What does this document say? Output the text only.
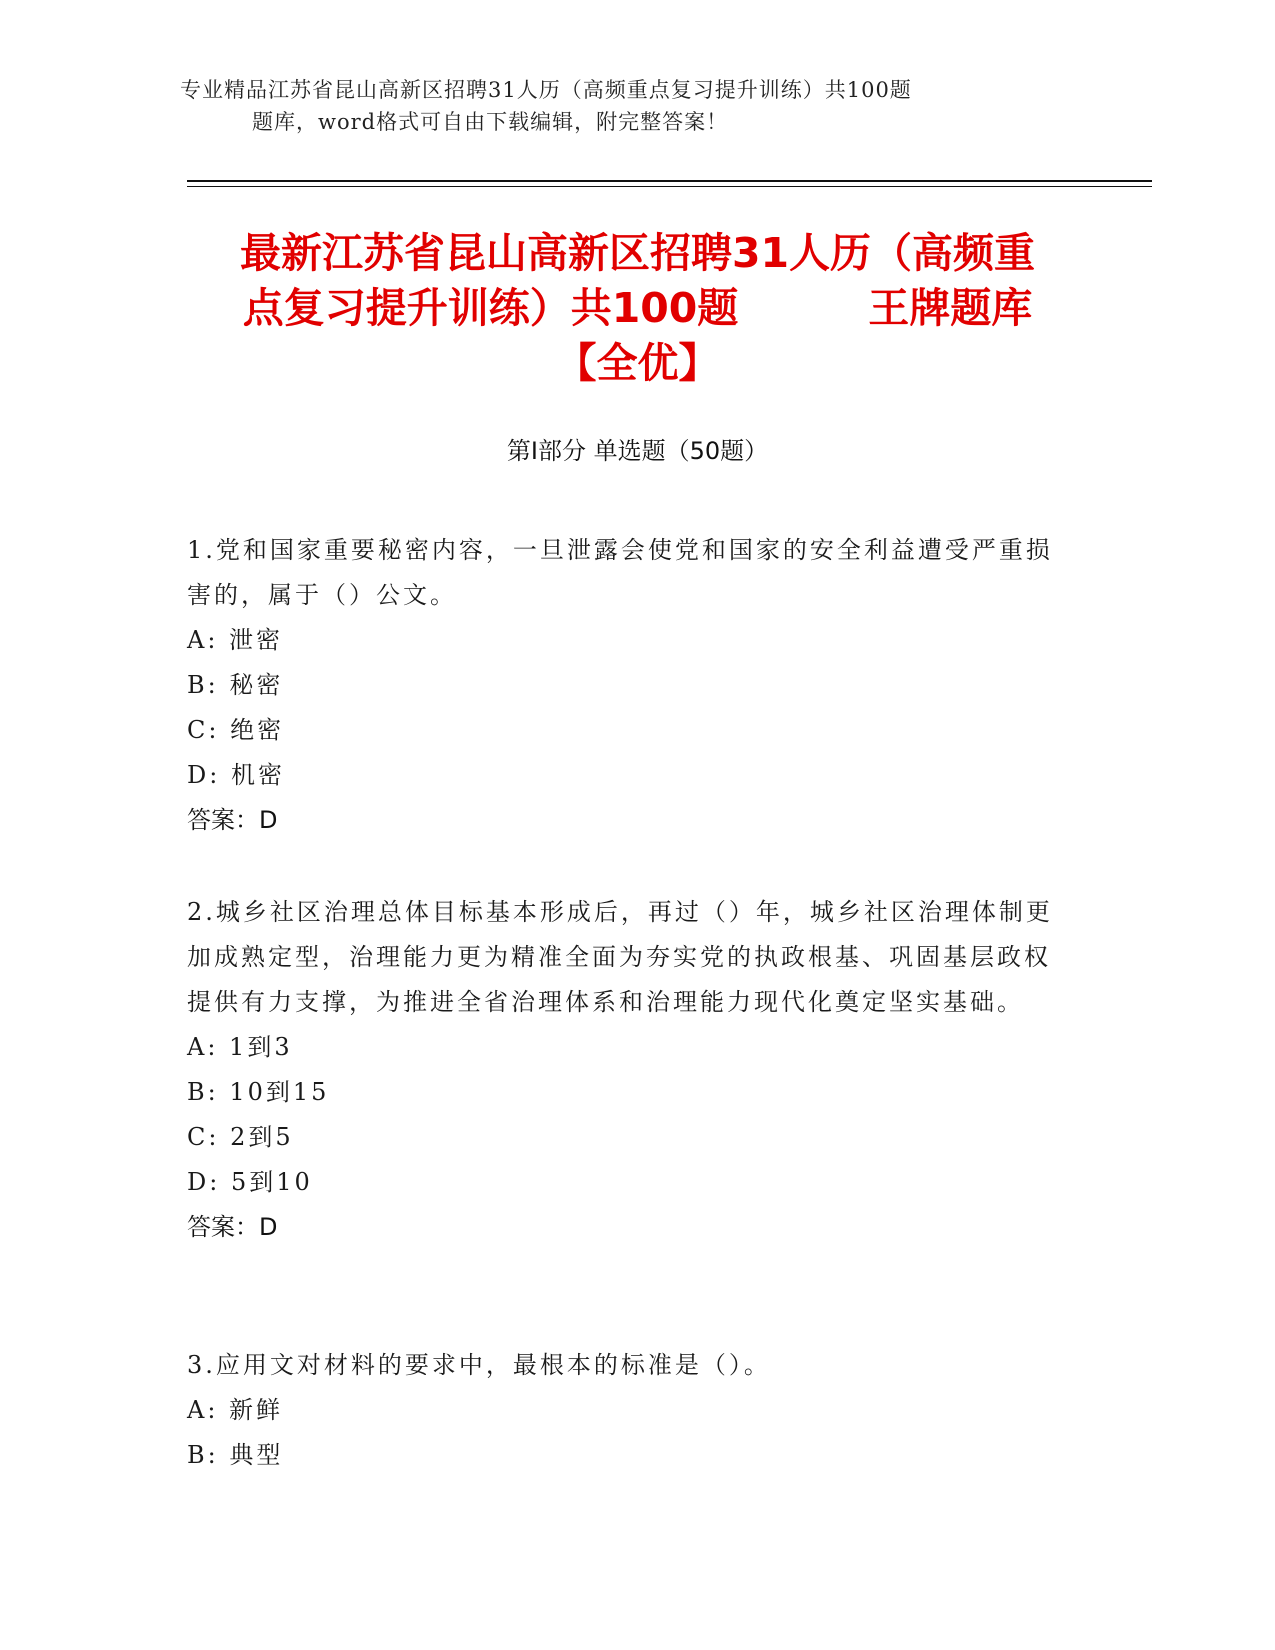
专业精品江苏省昆山高新区招聘31人历（高频重点复习提升训练）共100题
题库，word格式可自由下载编辑，附完整答案！
最新江苏省昆山高新区招聘31人历（高频重
点复习提升训练）共100题	王牌题库
【全优】
第Ⅰ部分 单选题（50题）

1.党和国家重要秘密内容，一旦泄露会使党和国家的安全利益遭受严重损害的，属于（）公文。

A: 泄密

B: 秘密

C: 绝密

D: 机密

答案：D

2.城乡社区治理总体目标基本形成后，再过（）年，城乡社区治理体制更加成熟定型，治理能力更为精准全面为夯实党的执政根基、巩固基层政权提供有力支撑，为推进全省治理体系和治理能力现代化奠定坚实基础。

A: 1到3

B: 10到15

C: 2到5

D: 5到10

答案：D

3.应用文对材料的要求中，最根本的标准是（）。

A: 新鲜

B: 典型
